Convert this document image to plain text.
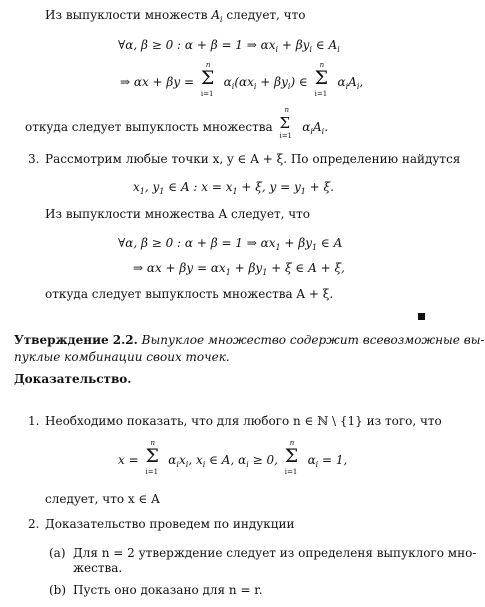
Из выпуклости множеств $A_i$ следует, что
∀α, β ≥ 0 : α + β = 1 ⇒ $\alpha x_i + \beta y_i$ ∈ $A_i$
⇒ αx + βy = Σ
n
i=1
$\alpha_i(\alpha x_i + \beta y_i)$ ∈ Σ
n
i=1
$\alpha_iA_i$,
откуда следует выпуклость множества Σ
n
i=1
$\alpha_iA_i$.
3. Рассмотрим любые точки x, y ∈ A + ξ. По определению найдутся
$x_1$, $y_1$ ∈ A : $x = x_1 + \xi$, $y = y_1 + \xi$.
Из выпуклости множества A следует, что
∀α, β ≥ 0 : α + β = 1 ⇒ $\alpha x_1 + \beta y_1$ ∈ A
⇒ $\alpha x + \beta y = \alpha x_1 + \beta y_1 + \xi$ ∈ A + ξ,
откуда следует выпуклость множества A + ξ.
Утверждение 2.2. Выпуклое множество содержит всевозможные вы-
пуклые комбинации своих точек.
Доказательство.
1. Необходимо показать, что для любого n ∈ ℕ \ {1} из того, что
x = Σ
n
i=1
$\alpha_ix_i$, $x_i$ ∈ A, $\alpha_i \ge 0$, Σ
n
i=1
$\alpha_i = 1$,
следует, что x ∈ A
2. Доказательство проведем по индукции
(a) Для n = 2 утверждение следует из определеня выпуклого мно-
жества.
(b) Пусть оно доказано для n = r.
